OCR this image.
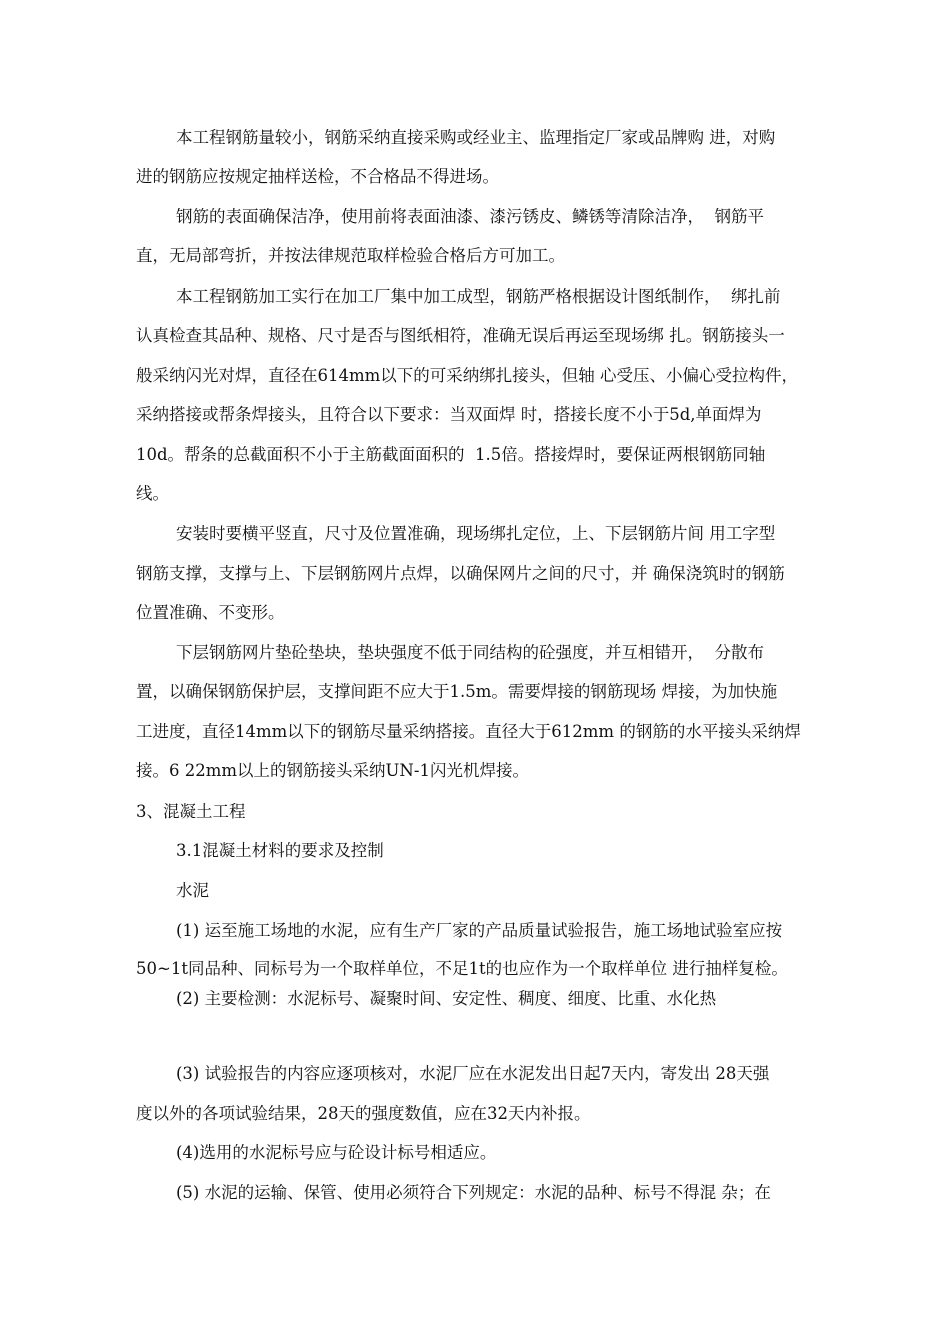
本工程钢筋量较小，钢筋采纳直接采购或经业主、监理指定厂家或品牌购 进，对购
进的钢筋应按规定抽样送检，不合格品不得进场。
钢筋的表面确保洁净，使用前将表面油漆、漆污锈皮、鳞锈等清除洁净，  钢筋平
直，无局部弯折，并按法律规范取样检验合格后方可加工。
本工程钢筋加工实行在加工厂集中加工成型，钢筋严格根据设计图纸制作，  绑扎前
认真检查其品种、规格、尺寸是否与图纸相符，准确无误后再运至现场绑 扎。钢筋接头一
般采纳闪光对焊，直径在614mm以下的可采纳绑扎接头，但轴 心受压、小偏心受拉构件，
采纳搭接或帮条焊接头，且符合以下要求：当双面焊 时，搭接长度不小于5d,单面焊为
10d。帮条的总截面积不小于主筋截面面积的  1.5倍。搭接焊时，要保证两根钢筋同轴
线。
安装时要横平竖直，尺寸及位置准确，现场绑扎定位，上、下层钢筋片间 用工字型
钢筋支撑，支撑与上、下层钢筋网片点焊，以确保网片之间的尺寸，并 确保浇筑时的钢筋
位置准确、不变形。
下层钢筋网片垫砼垫块，垫块强度不低于同结构的砼强度，并互相错开，  分散布
置，以确保钢筋保护层，支撑间距不应大于1.5m。需要焊接的钢筋现场 焊接，为加快施
工进度，直径14mm以下的钢筋尽量采纳搭接。直径大于612mm 的钢筋的水平接头采纳焊
接。6 22mm以上的钢筋接头采纳UN-1闪光机焊接。
3、混凝土工程
3.1混凝土材料的要求及控制
水泥
(1) 运至施工场地的水泥，应有生产厂家的产品质量试验报告，施工场地试验室应按
50~1t同品种、同标号为一个取样单位，不足1t的也应作为一个取样单位 进行抽样复检。
(2) 主要检测：水泥标号、凝聚时间、安定性、稠度、细度、比重、水化热
(3) 试验报告的内容应逐项核对，水泥厂应在水泥发出日起7天内，寄发出 28天强
度以外的各项试验结果，28天的强度数值，应在32天内补报。
(4)选用的水泥标号应与砼设计标号相适应。
(5) 水泥的运输、保管、使用必须符合下列规定：水泥的品种、标号不得混 杂；在
